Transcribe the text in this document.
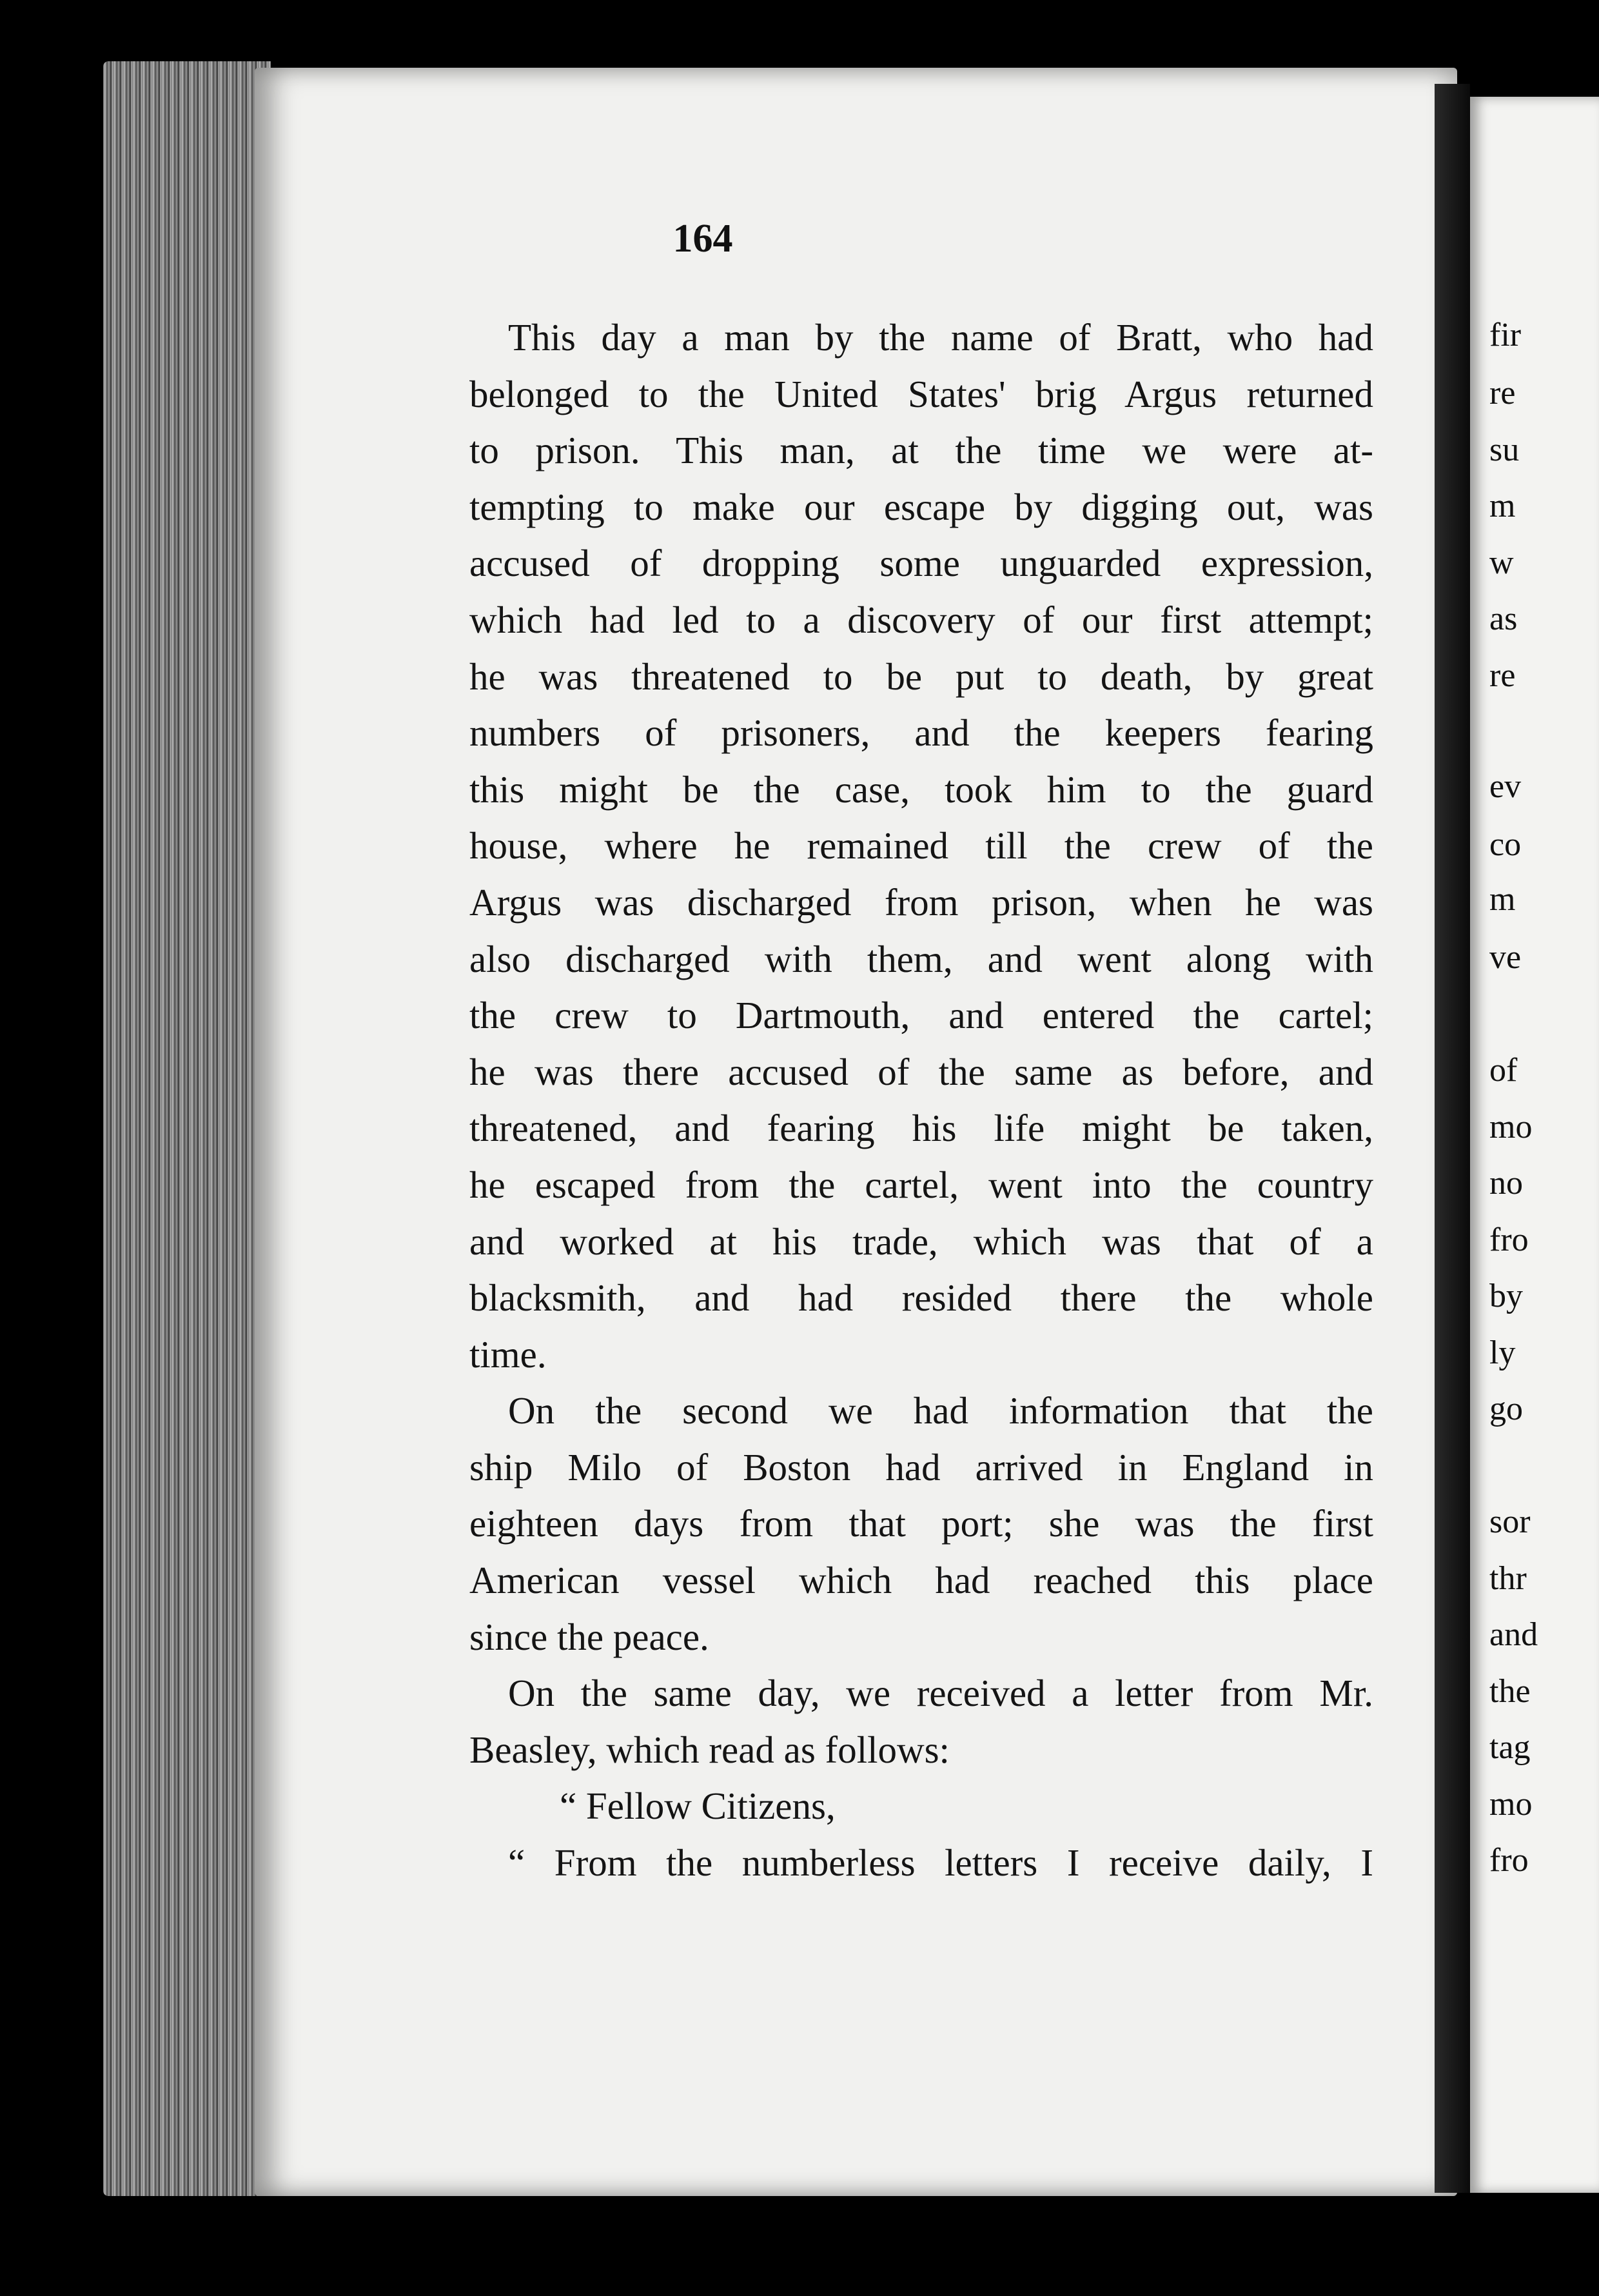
fir
re
su
m
w
as
re
ev
co
m
ve
of
mo
no
fro
by
ly
go
sor
thr
and
the
tag
mo
fro
164
This day a man by the name of Bratt, who had
belonged to the United States' brig Argus returned
to prison. This man, at the time we were at-
tempting to make our escape by digging out, was
accused of dropping some unguarded expression,
which had led to a discovery of our first attempt;
he was threatened to be put to death, by great
numbers of prisoners, and the keepers fearing
this might be the case, took him to the guard
house, where he remained till the crew of the
Argus was discharged from prison, when he was
also discharged with them, and went along with
the crew to Dartmouth, and entered the cartel;
he was there accused of the same as before, and
threatened, and fearing his life might be taken,
he escaped from the cartel, went into the country
and worked at his trade, which was that of a
blacksmith, and had resided there the whole
time.
On the second we had information that the
ship Milo of Boston had arrived in England in
eighteen days from that port; she was the first
American vessel which had reached this place
since the peace.
On the same day, we received a letter from Mr.
Beasley, which read as follows:
“ Fellow Citizens,
“ From the numberless letters I receive daily, I
